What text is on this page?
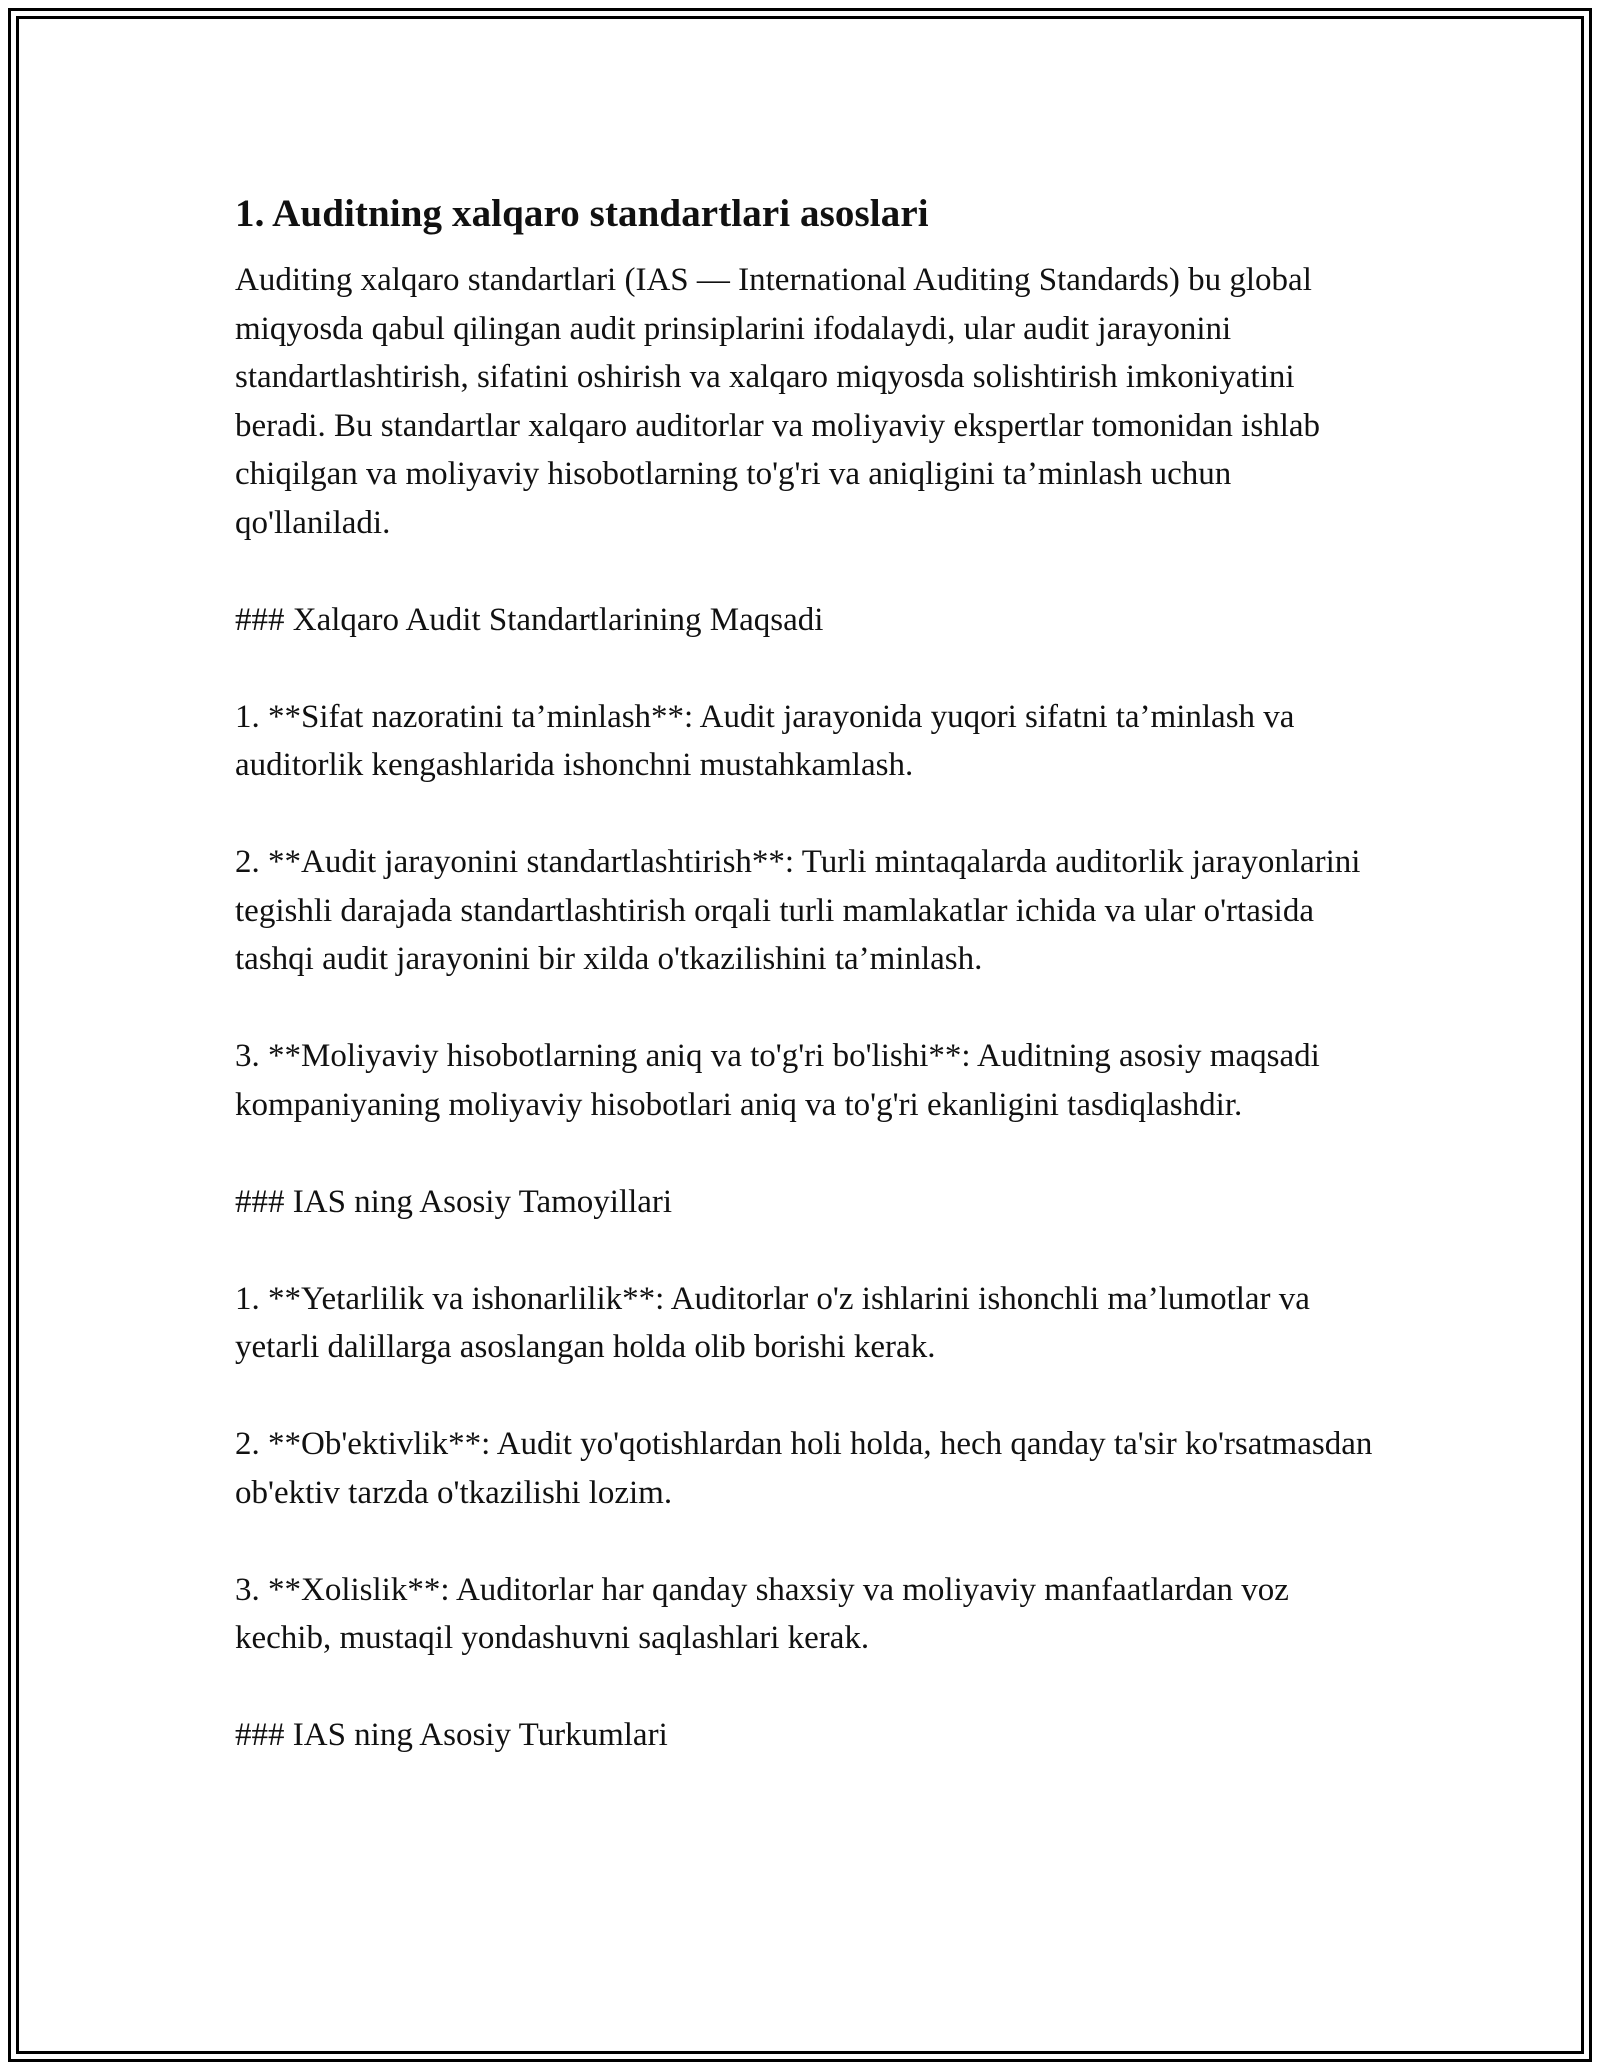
1. Auditning xalqaro standartlari asoslari

Auditing xalqaro standartlari (IAS — International Auditing Standards) bu global miqyosda qabul qilingan audit prinsiplarini ifodalaydi, ular audit jarayonini standartlashtirish, sifatini oshirish va xalqaro miqyosda solishtirish imkoniyatini beradi. Bu standartlar xalqaro auditorlar va moliyaviy ekspertlar tomonidan ishlab chiqilgan va moliyaviy hisobotlarning to'g'ri va aniqligini ta’minlash uchun qo'llaniladi.

### Xalqaro Audit Standartlarining Maqsadi

1. **Sifat nazoratini ta’minlash**: Audit jarayonida yuqori sifatni ta’minlash va auditorlik kengashlarida ishonchni mustahkamlash.

2. **Audit jarayonini standartlashtirish**: Turli mintaqalarda auditorlik jarayonlarini tegishli darajada standartlashtirish orqali turli mamlakatlar ichida va ular o'rtasida tashqi audit jarayonini bir xilda o'tkazilishini ta’minlash.

3. **Moliyaviy hisobotlarning aniq va to'g'ri bo'lishi**: Auditning asosiy maqsadi kompaniyaning moliyaviy hisobotlari aniq va to'g'ri ekanligini tasdiqlashdir.

### IAS ning Asosiy Tamoyillari

1. **Yetarlilik va ishonarlilik**: Auditorlar o'z ishlarini ishonchli ma’lumotlar va yetarli dalillarga asoslangan holda olib borishi kerak.

2. **Ob'ektivlik**: Audit yo'qotishlardan holi holda, hech qanday ta'sir ko'rsatmasdan ob'ektiv tarzda o'tkazilishi lozim.

3. **Xolislik**: Auditorlar har qanday shaxsiy va moliyaviy manfaatlardan voz kechib, mustaqil yondashuvni saqlashlari kerak.

### IAS ning Asosiy Turkumlari
